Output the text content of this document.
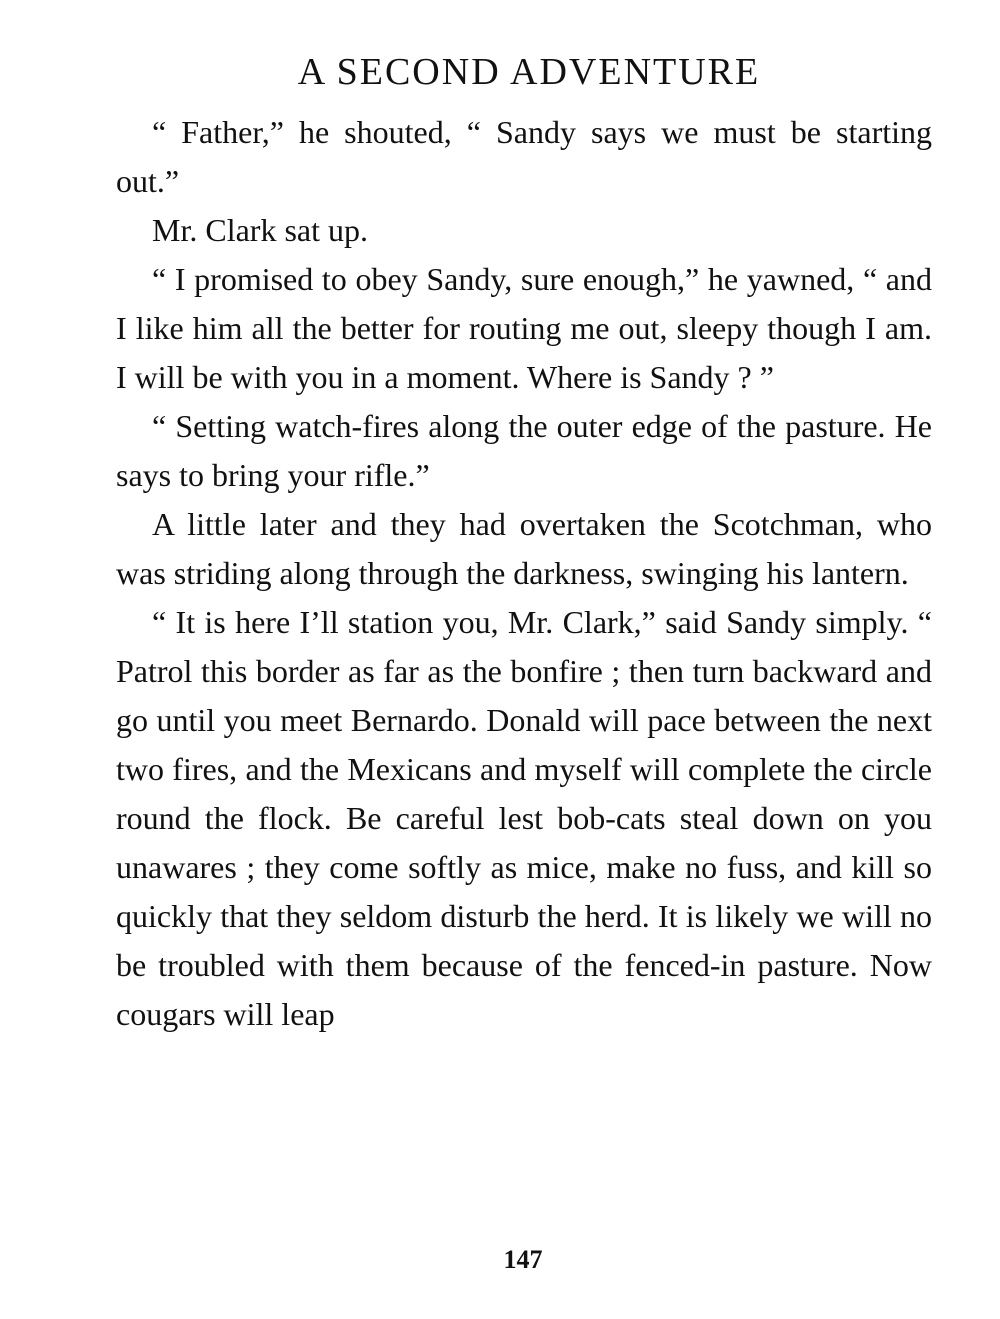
A SECOND ADVENTURE

“ Father,” he shouted, “ Sandy says we must be starting out.”

Mr. Clark sat up.

“ I promised to obey Sandy, sure enough,” he yawned, “ and I like him all the better for routing me out, sleepy though I am. I will be with you in a moment. Where is Sandy ? ”

“ Setting watch-fires along the outer edge of the pasture. He says to bring your rifle.”

A little later and they had overtaken the Scotchman, who was striding along through the darkness, swinging his lantern.

“ It is here I’ll station you, Mr. Clark,” said Sandy simply. “ Patrol this border as far as the bonfire ; then turn backward and go until you meet Bernardo. Donald will pace between the next two fires, and the Mexicans and myself will complete the circle round the flock. Be careful lest bob-cats steal down on you unawares ; they come softly as mice, make no fuss, and kill so quickly that they seldom disturb the herd. It is likely we will no be troubled with them because of the fenced-in pasture. Now cougars will leap

147
